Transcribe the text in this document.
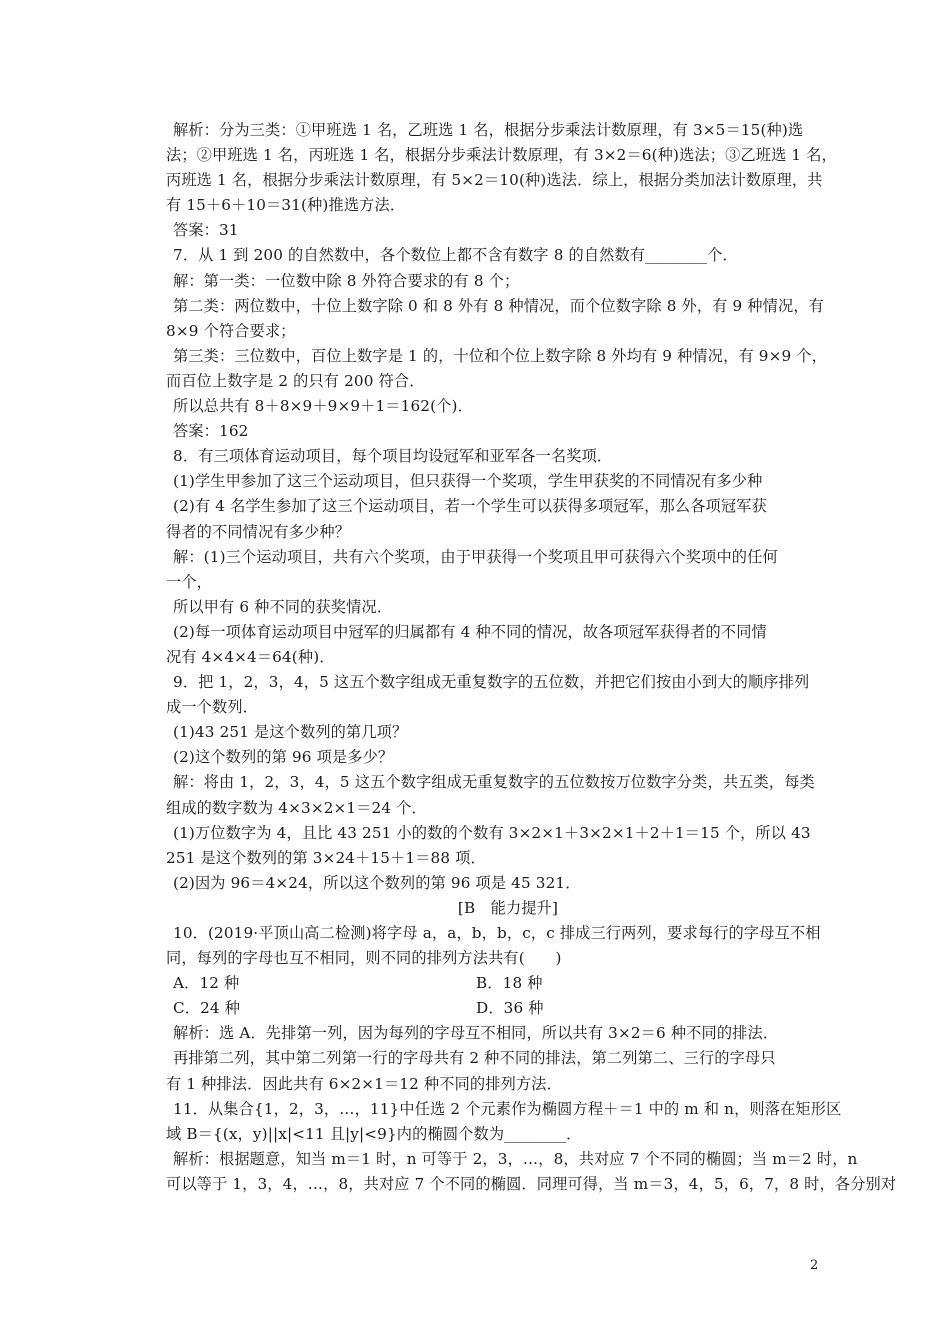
解析：分为三类：①甲班选 1 名，乙班选 1 名，根据分步乘法计数原理，有 3×5＝15(种)选
法；②甲班选 1 名，丙班选 1 名，根据分步乘法计数原理，有 3×2＝6(种)选法；③乙班选 1 名，
丙班选 1 名，根据分步乘法计数原理，有 5×2＝10(种)选法．综上，根据分类加法计数原理，共
有 15＋6＋10＝31(种)推选方法．
答案：31
7．从 1 到 200 的自然数中，各个数位上都不含有数字 8 的自然数有________个．
解：第一类：一位数中除 8 外符合要求的有 8 个；
第二类：两位数中，十位上数字除 0 和 8 外有 8 种情况，而个位数字除 8 外，有 9 种情况，有
8×9 个符合要求；
第三类：三位数中，百位上数字是 1 的，十位和个位上数字除 8 外均有 9 种情况，有 9×9 个，
而百位上数字是 2 的只有 200 符合．
所以总共有 8＋8×9＋9×9＋1＝162(个)．
答案：162
8．有三项体育运动项目，每个项目均设冠军和亚军各一名奖项．
(1)学生甲参加了这三个运动项目，但只获得一个奖项，学生甲获奖的不同情况有多少种
(2)有 4 名学生参加了这三个运动项目，若一个学生可以获得多项冠军，那么各项冠军获
得者的不同情况有多少种？
解：(1)三个运动项目，共有六个奖项，由于甲获得一个奖项且甲可获得六个奖项中的任何
一个，
所以甲有 6 种不同的获奖情况．
(2)每一项体育运动项目中冠军的归属都有 4 种不同的情况，故各项冠军获得者的不同情
况有 4×4×4＝64(种)．
9．把 1，2，3，4，5 这五个数字组成无重复数字的五位数，并把它们按由小到大的顺序排列
成一个数列．
(1)43 251 是这个数列的第几项？
(2)这个数列的第 96 项是多少？
解：将由 1，2，3，4，5 这五个数字组成无重复数字的五位数按万位数字分类，共五类，每类
组成的数字数为 4×3×2×1＝24 个．
(1)万位数字为 4，且比 43 251 小的数的个数有 3×2×1＋3×2×1＋2＋1＝15 个，所以 43
251 是这个数列的第 3×24＋15＋1＝88 项．
(2)因为 96＝4×24，所以这个数列的第 96 项是 45 321．
[B　能力提升]
10．(2019·平顶山高二检测)将字母 a，a，b，b，c，c 排成三行两列，要求每行的字母互不相
同，每列的字母也互不相同，则不同的排列方法共有(　　)
A．12 种	B．18 种
C．24 种	D．36 种
解析：选 A．先排第一列，因为每列的字母互不相同，所以共有 3×2＝6 种不同的排法．
再排第二列，其中第二列第一行的字母共有 2 种不同的排法，第二列第二、三行的字母只
有 1 种排法．因此共有 6×2×1＝12 种不同的排列方法．
11．从集合{1，2，3，…，11}中任选 2 个元素作为椭圆方程＋＝1 中的 m 和 n，则落在矩形区
域 B＝{(x，y)||x|<11 且|y|<9}内的椭圆个数为________．
解析：根据题意，知当 m＝1 时，n 可等于 2，3，…，8，共对应 7 个不同的椭圆；当 m＝2 时，n
可以等于 1，3，4，…，8，共对应 7 个不同的椭圆．同理可得，当 m＝3，4，5，6，7，8 时，各分别对
2
